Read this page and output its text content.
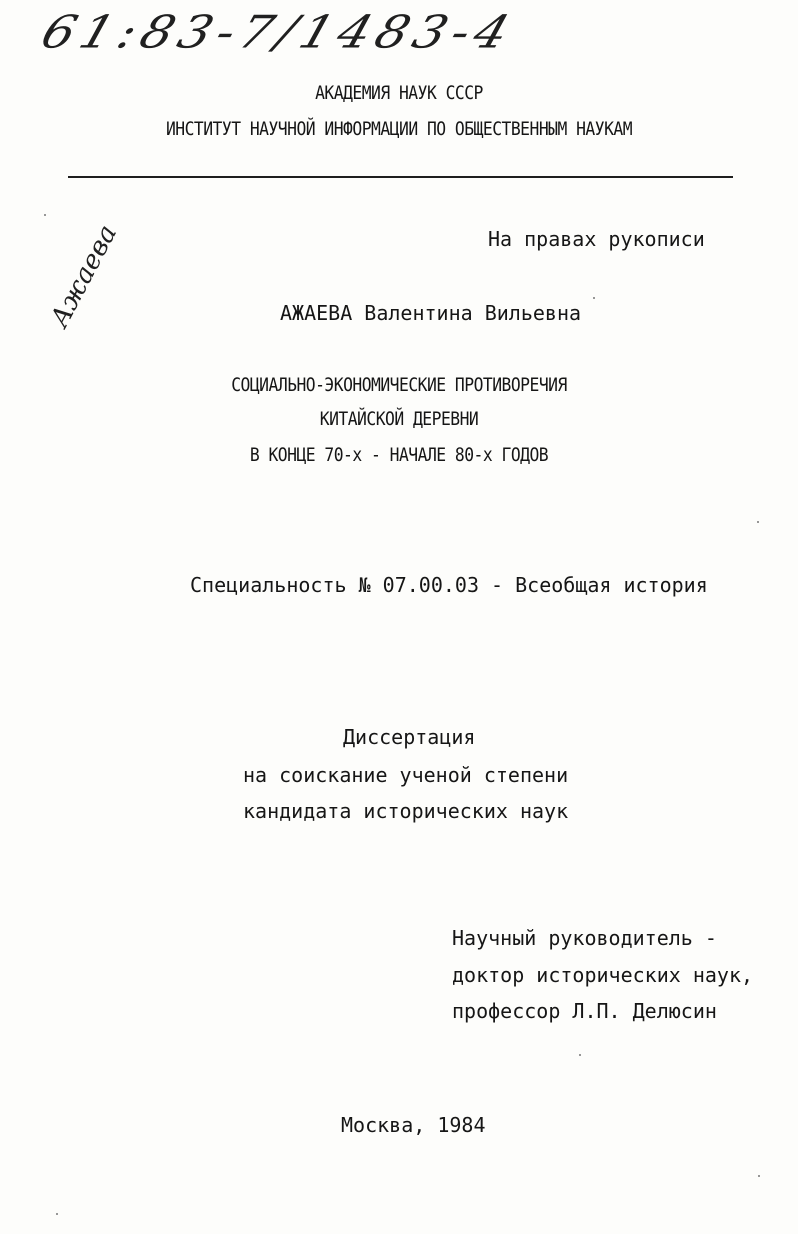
61:83-7/1483-4
Ажаева
АКАДЕМИЯ НАУК СССР
ИНСТИТУТ НАУЧНОЙ ИНФОРМАЦИИ ПО ОБЩЕСТВЕННЫМ НАУКАМ
На правах рукописи
АЖАЕВА Валентина Вильевна
СОЦИАЛЬНО-ЭКОНОМИЧЕСКИЕ ПРОТИВОРЕЧИЯ
КИТАЙСКОЙ ДЕРЕВНИ
В КОНЦЕ 70-х - НАЧАЛЕ 80-х ГОДОВ
Специальность № 07.00.03 - Всеобщая история
Диссертация
на соискание ученой степени
кандидата исторических наук
Научный руководитель -
доктор исторических наук,
профессор Л.П. Делюсин
Москва, 1984
